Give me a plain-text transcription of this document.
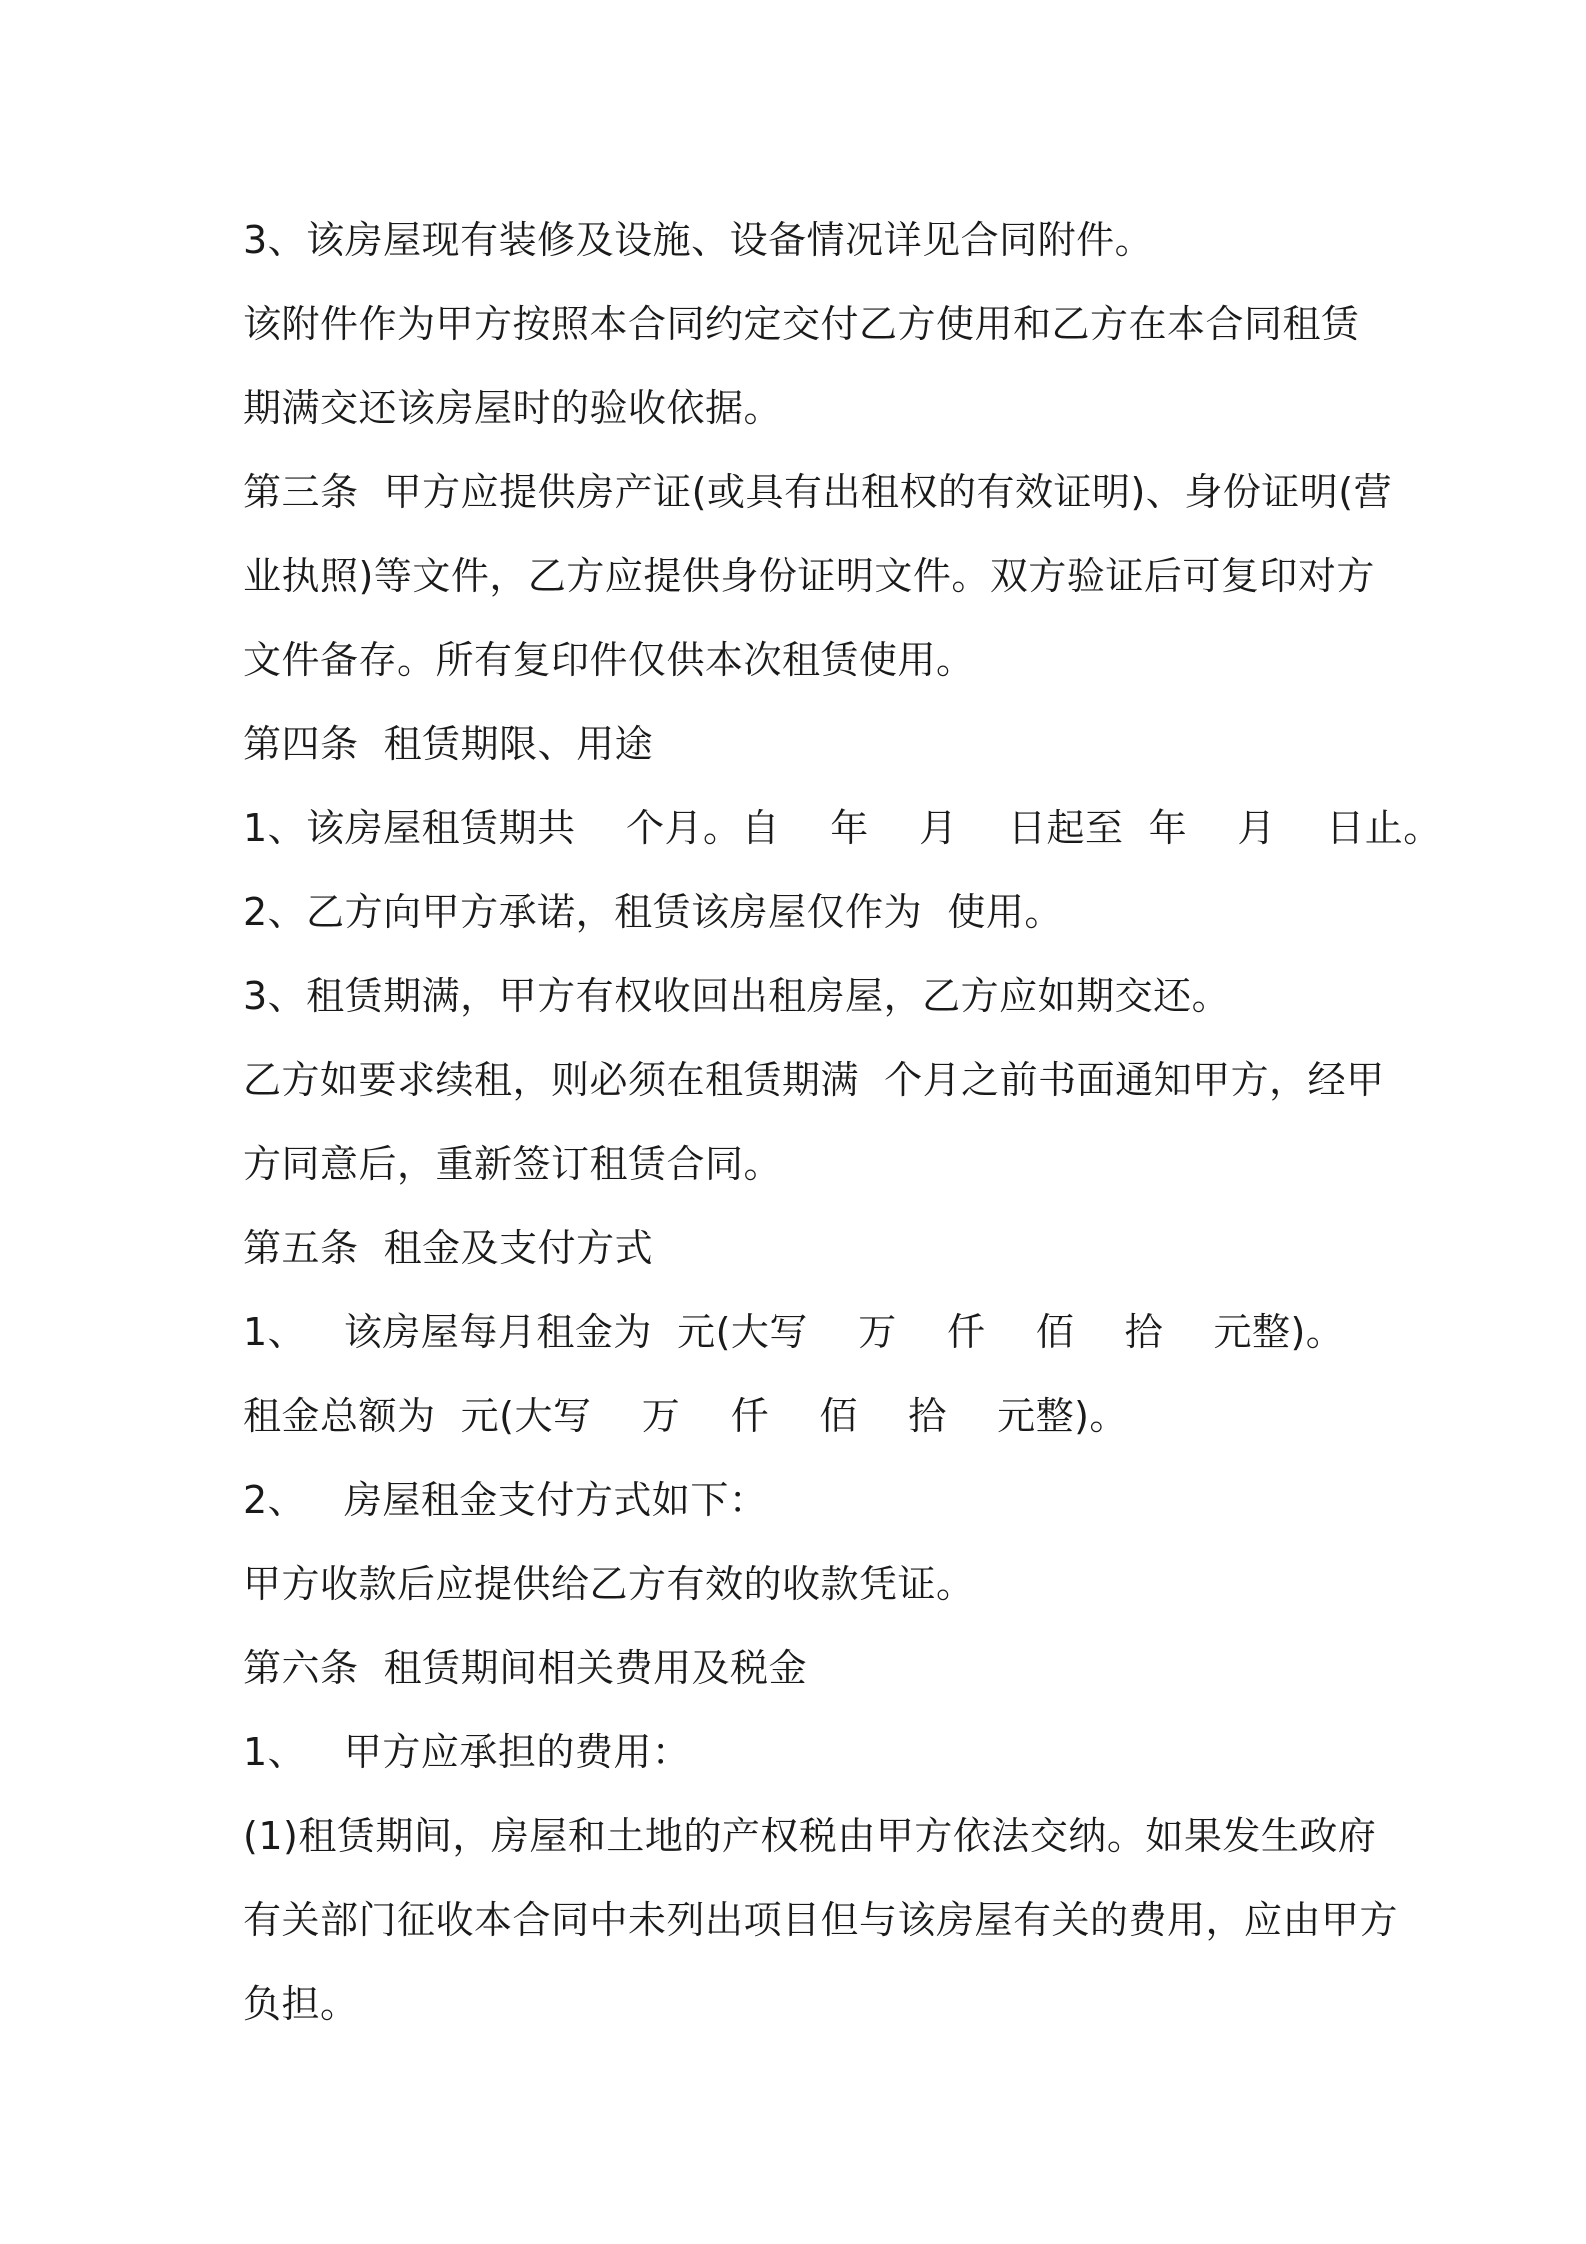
3、该房屋现有装修及设施、设备情况详见合同附件。
该附件作为甲方按照本合同约定交付乙方使用和乙方在本合同租赁
期满交还该房屋时的验收依据。
第三条  甲方应提供房产证(或具有出租权的有效证明)、身份证明(营
业执照)等文件，乙方应提供身份证明文件。双方验证后可复印对方
文件备存。所有复印件仅供本次租赁使用。
第四条  租赁期限、用途
1、该房屋租赁期共    个月。自    年    月    日起至  年    月    日止。
2、乙方向甲方承诺，租赁该房屋仅作为  使用。
3、租赁期满，甲方有权收回出租房屋，乙方应如期交还。
乙方如要求续租，则必须在租赁期满  个月之前书面通知甲方，经甲
方同意后，重新签订租赁合同。
第五条  租金及支付方式
1、   该房屋每月租金为  元(大写    万    仟    佰    拾    元整)。
租金总额为  元(大写    万    仟    佰    拾    元整)。
2、   房屋租金支付方式如下：
甲方收款后应提供给乙方有效的收款凭证。
第六条  租赁期间相关费用及税金
1、   甲方应承担的费用：
(1)租赁期间，房屋和土地的产权税由甲方依法交纳。如果发生政府
有关部门征收本合同中未列出项目但与该房屋有关的费用，应由甲方
负担。
